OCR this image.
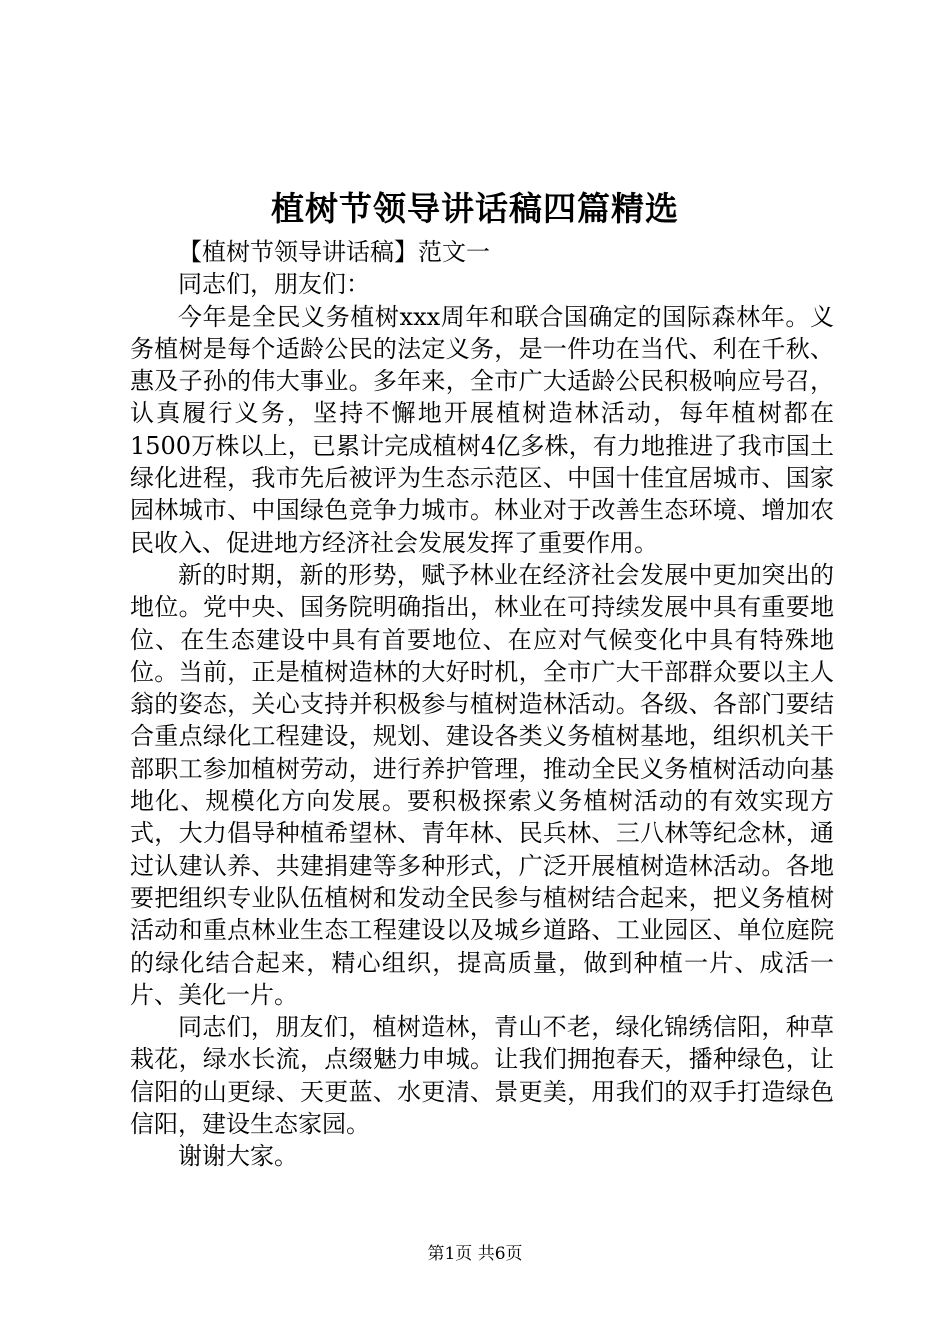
植树节领导讲话稿四篇精选

【植树节领导讲话稿】范文一

同志们，朋友们：

今年是全民义务植树xxx周年和联合国确定的国际森林年。义务植树是每个适龄公民的法定义务，是一件功在当代、利在千秋、惠及子孙的伟大事业。多年来，全市广大适龄公民积极响应号召，认真履行义务，坚持不懈地开展植树造林活动，每年植树都在1500万株以上，已累计完成植树4亿多株，有力地推进了我市国土绿化进程，我市先后被评为生态示范区、中国十佳宜居城市、国家园林城市、中国绿色竞争力城市。林业对于改善生态环境、增加农民收入、促进地方经济社会发展发挥了重要作用。

新的时期，新的形势，赋予林业在经济社会发展中更加突出的地位。党中央、国务院明确指出，林业在可持续发展中具有重要地位、在生态建设中具有首要地位、在应对气候变化中具有特殊地位。当前，正是植树造林的大好时机，全市广大干部群众要以主人翁的姿态，关心支持并积极参与植树造林活动。各级、各部门要结合重点绿化工程建设，规划、建设各类义务植树基地，组织机关干部职工参加植树劳动，进行养护管理，推动全民义务植树活动向基地化、规模化方向发展。要积极探索义务植树活动的有效实现方式，大力倡导种植希望林、青年林、民兵林、三八林等纪念林，通过认建认养、共建捐建等多种形式，广泛开展植树造林活动。各地要把组织专业队伍植树和发动全民参与植树结合起来，把义务植树活动和重点林业生态工程建设以及城乡道路、工业园区、单位庭院的绿化结合起来，精心组织，提高质量，做到种植一片、成活一片、美化一片。

同志们，朋友们，植树造林，青山不老，绿化锦绣信阳，种草栽花，绿水长流，点缀魅力申城。让我们拥抱春天，播种绿色，让信阳的山更绿、天更蓝、水更清、景更美，用我们的双手打造绿色信阳，建设生态家园。

谢谢大家。

第1页 共6页
